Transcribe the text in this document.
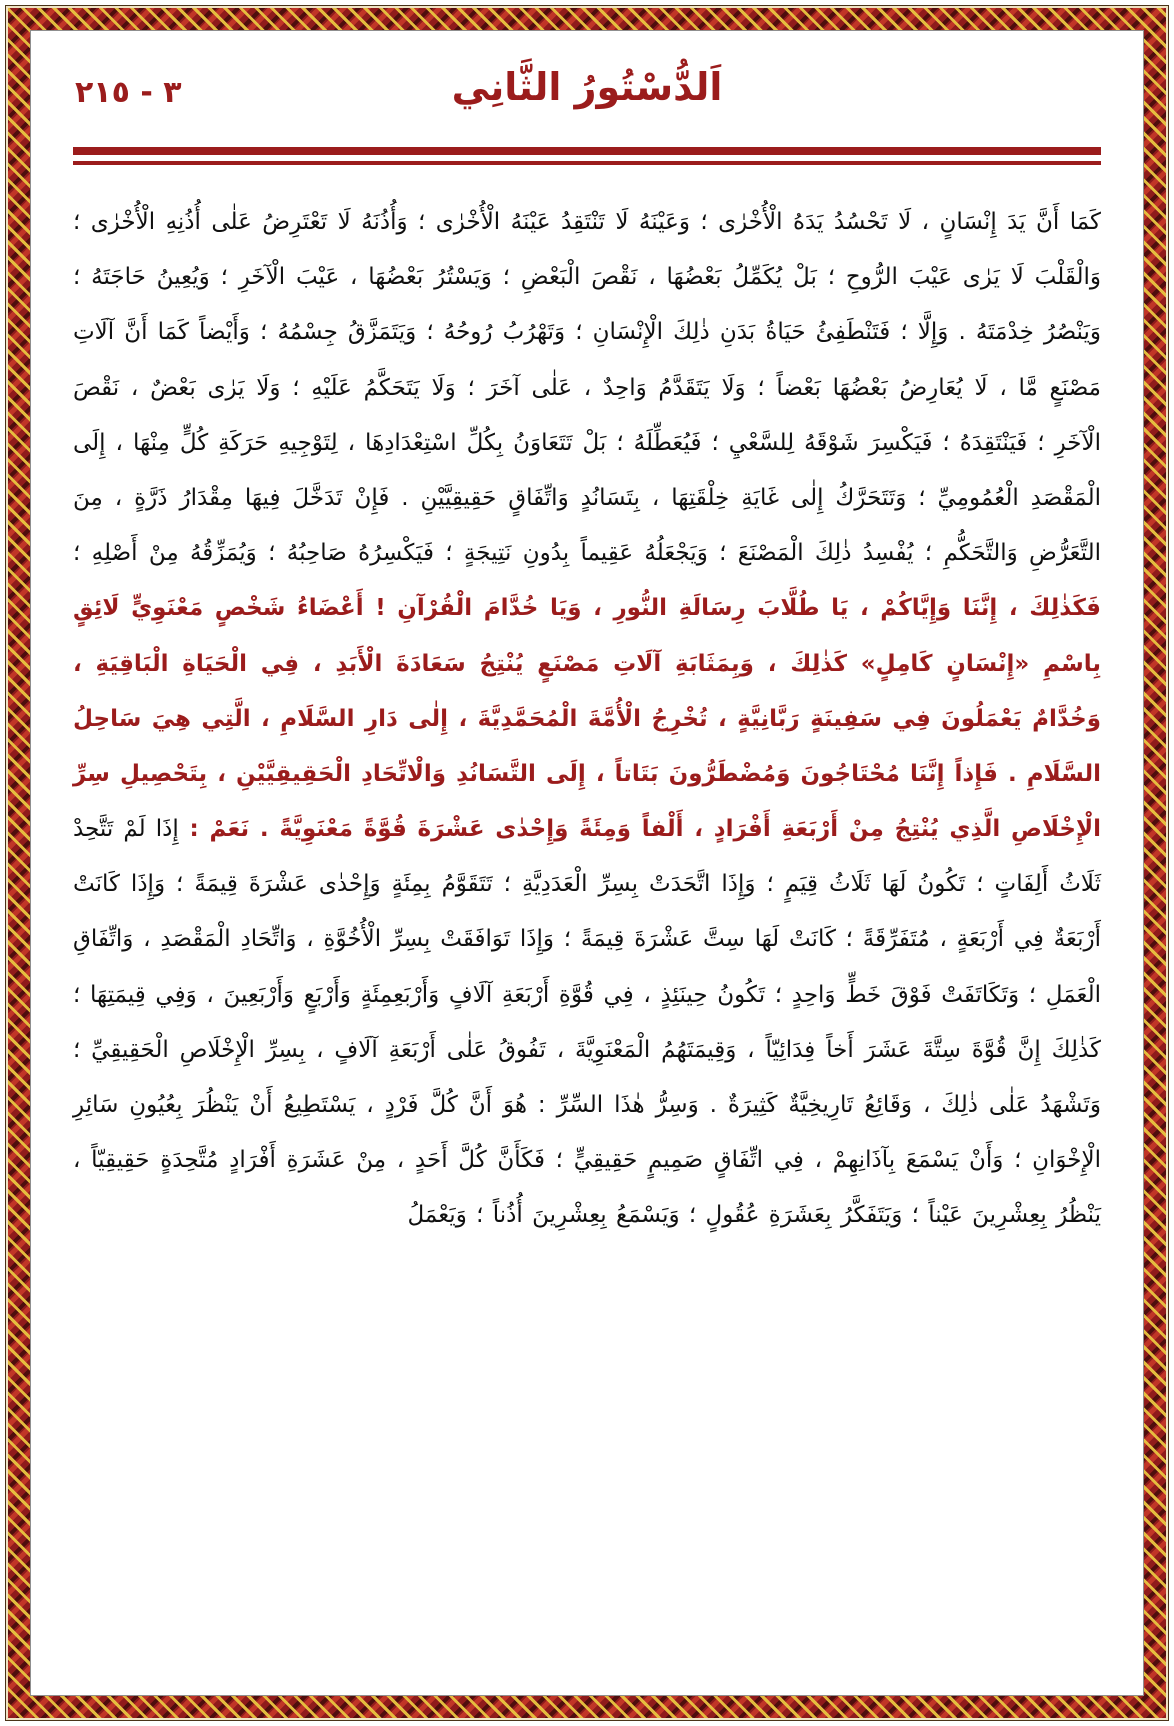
٣ - ٢١٥	اَلدُّسْتُورُ الثَّانِي

كَمَا أَنَّ يَدَ إِنْسَانٍ ، لَا تَحْسُدُ يَدَهُ الْأُخْرٰى ؛ وَعَيْنَهُ لَا تَنْتَقِدُ عَيْنَهُ الْأُخْرٰى ؛ وَأُذُنَهُ لَا تَعْتَرِضُ عَلٰى أُذُنِهِ الْأُخْرٰى ؛ وَالْقَلْبَ لَا يَرٰى عَيْبَ الرُّوحِ ؛ بَلْ يُكَمِّلُ بَعْضُهَا ، نَقْصَ الْبَعْضِ ؛ وَيَسْتُرُ بَعْضُهَا ، عَيْبَ الْآخَرِ ؛ وَيُعِينُ حَاجَتَهُ ؛ وَيَنْصُرُ خِدْمَتَهُ . وَإِلَّا ؛ فَتَنْطَفِئُ حَيَاةُ بَدَنِ ذٰلِكَ الْإِنْسَانِ ؛ وَتَهْرُبُ رُوحُهُ ؛ وَيَتَمَزَّقُ جِسْمُهُ ؛ وَأَيْضاً كَمَا أَنَّ آلَاتِ مَصْنَعٍ مَّا ، لَا يُعَارِضُ بَعْضُهَا بَعْضاً ؛ وَلَا يَتَقَدَّمُ وَاحِدٌ ، عَلٰى آخَرَ ؛ وَلَا يَتَحَكَّمُ عَلَيْهِ ؛ وَلَا يَرٰى بَعْضٌ ، نَقْصَ الْآخَرِ ؛ فَيَنْتَقِدَهُ ؛ فَيَكْسِرَ شَوْقَهُ لِلسَّعْيِ ؛ فَيُعَطِّلَهُ ؛ بَلْ تَتَعَاوَنُ بِكُلِّ اسْتِعْدَادِهَا ، لِتَوْجِيهِ حَرَكَةِ كُلٍّ مِنْهَا ، إِلَى الْمَقْصَدِ الْعُمُومِيِّ ؛ وَتَتَحَرَّكُ إِلٰى غَايَةِ خِلْقَتِهَا ، بِتَسَانُدٍ وَاتِّفَاقٍ حَقِيقِيَّيْنِ . فَإِنْ تَدَخَّلَ فِيهَا مِقْدَارُ ذَرَّةٍ ، مِنَ التَّعَرُّضِ وَالتَّحَكُّمِ ؛ يُفْسِدُ ذٰلِكَ الْمَصْنَعَ ؛ وَيَجْعَلُهُ عَقِيماً بِدُونِ نَتِيجَةٍ ؛ فَيَكْسِرُهُ صَاحِبُهُ ؛ وَيُمَزِّقُهُ مِنْ أَصْلِهِ ؛ فَكَذٰلِكَ ، إِنَّنَا وَإِيَّاكُمْ ، يَا طُلَّابَ رِسَالَةِ النُّورِ ، وَيَا خُدَّامَ الْقُرْآنِ ! أَعْضَاءُ شَخْصٍ مَعْنَوِيٍّ لَائِقٍ بِاسْمِ «إِنْسَانٍ كَامِلٍ» كَذٰلِكَ ، وَبِمَثَابَةِ آلَاتِ مَصْنَعٍ يُنْتِجُ سَعَادَةَ الْأَبَدِ ، فِي الْحَيَاةِ الْبَاقِيَةِ ، وَخُدَّامٌ يَعْمَلُونَ فِي سَفِينَةٍ رَبَّانِيَّةٍ ، تُخْرِجُ الْأُمَّةَ الْمُحَمَّدِيَّةَ ، إِلٰى دَارِ السَّلَامِ ، الَّتِي هِيَ سَاحِلُ السَّلَامِ . فَإِذاً إِنَّنَا مُحْتَاجُونَ وَمُضْطَرُّونَ بَتَاتاً ، إِلَى التَّسَانُدِ وَالْاتِّحَادِ الْحَقِيقِيَّيْنِ ، بِتَحْصِيلِ سِرِّ الْإِخْلَاصِ الَّذِي يُنْتِجُ مِنْ أَرْبَعَةِ أَفْرَادٍ ، أَلْفاً وَمِئَةً وَإِحْدٰى عَشْرَةَ قُوَّةً مَعْنَوِيَّةً . نَعَمْ : إِذَا لَمْ تَتَّحِدْ ثَلَاثُ أَلِفَاتٍ ؛ تَكُونُ لَهَا ثَلَاثُ قِيَمٍ ؛ وَإِذَا اتَّحَدَتْ بِسِرِّ الْعَدَدِيَّةِ ؛ تَتَقَوَّمُ بِمِئَةٍ وَإِحْدٰى عَشْرَةَ قِيمَةً ؛ وَإِذَا كَانَتْ أَرْبَعَةٌ فِي أَرْبَعَةٍ ، مُتَفَرِّقَةً ؛ كَانَتْ لَهَا سِتَّ عَشْرَةَ قِيمَةً ؛ وَإِذَا تَوَافَقَتْ بِسِرِّ الْأُخُوَّةِ ، وَاتِّحَادِ الْمَقْصَدِ ، وَاتِّفَاقِ الْعَمَلِ ؛ وَتَكَاتَفَتْ فَوْقَ خَطٍّ وَاحِدٍ ؛ تَكُونُ حِينَئِذٍ ، فِي قُوَّةِ أَرْبَعَةِ آلَافٍ وَأَرْبَعِمِئَةٍ وَأَرْبَعٍ وَأَرْبَعِينَ ، وَفِي قِيمَتِهَا ؛ كَذٰلِكَ إِنَّ قُوَّةَ سِتَّةَ عَشَرَ أَخاً فِدَائِيّاً ، وَقِيمَتَهُمُ الْمَعْنَوِيَّةَ ، تَفُوقُ عَلٰى أَرْبَعَةِ آلَافٍ ، بِسِرِّ الْإِخْلَاصِ الْحَقِيقِيِّ ؛ وَتَشْهَدُ عَلٰى ذٰلِكَ ، وَقَائِعُ تَارِيخِيَّةٌ كَثِيرَةٌ . وَسِرُّ هٰذَا السِّرِّ : هُوَ أَنَّ كُلَّ فَرْدٍ ، يَسْتَطِيعُ أَنْ يَنْظُرَ بِعُيُونِ سَائِرِ الْإِخْوَانِ ؛ وَأَنْ يَسْمَعَ بِآذَانِهِمْ ، فِي اتِّفَاقٍ صَمِيمٍ حَقِيقِيٍّ ؛ فَكَأَنَّ كُلَّ أَحَدٍ ، مِنْ عَشَرَةِ أَفْرَادٍ مُتَّحِدَةٍ حَقِيقِيّاً ، يَنْظُرُ بِعِشْرِينَ عَيْناً ؛ وَيَتَفَكَّرُ بِعَشَرَةِ عُقُولٍ ؛ وَيَسْمَعُ بِعِشْرِينَ أُذُناً ؛ وَيَعْمَلُ
